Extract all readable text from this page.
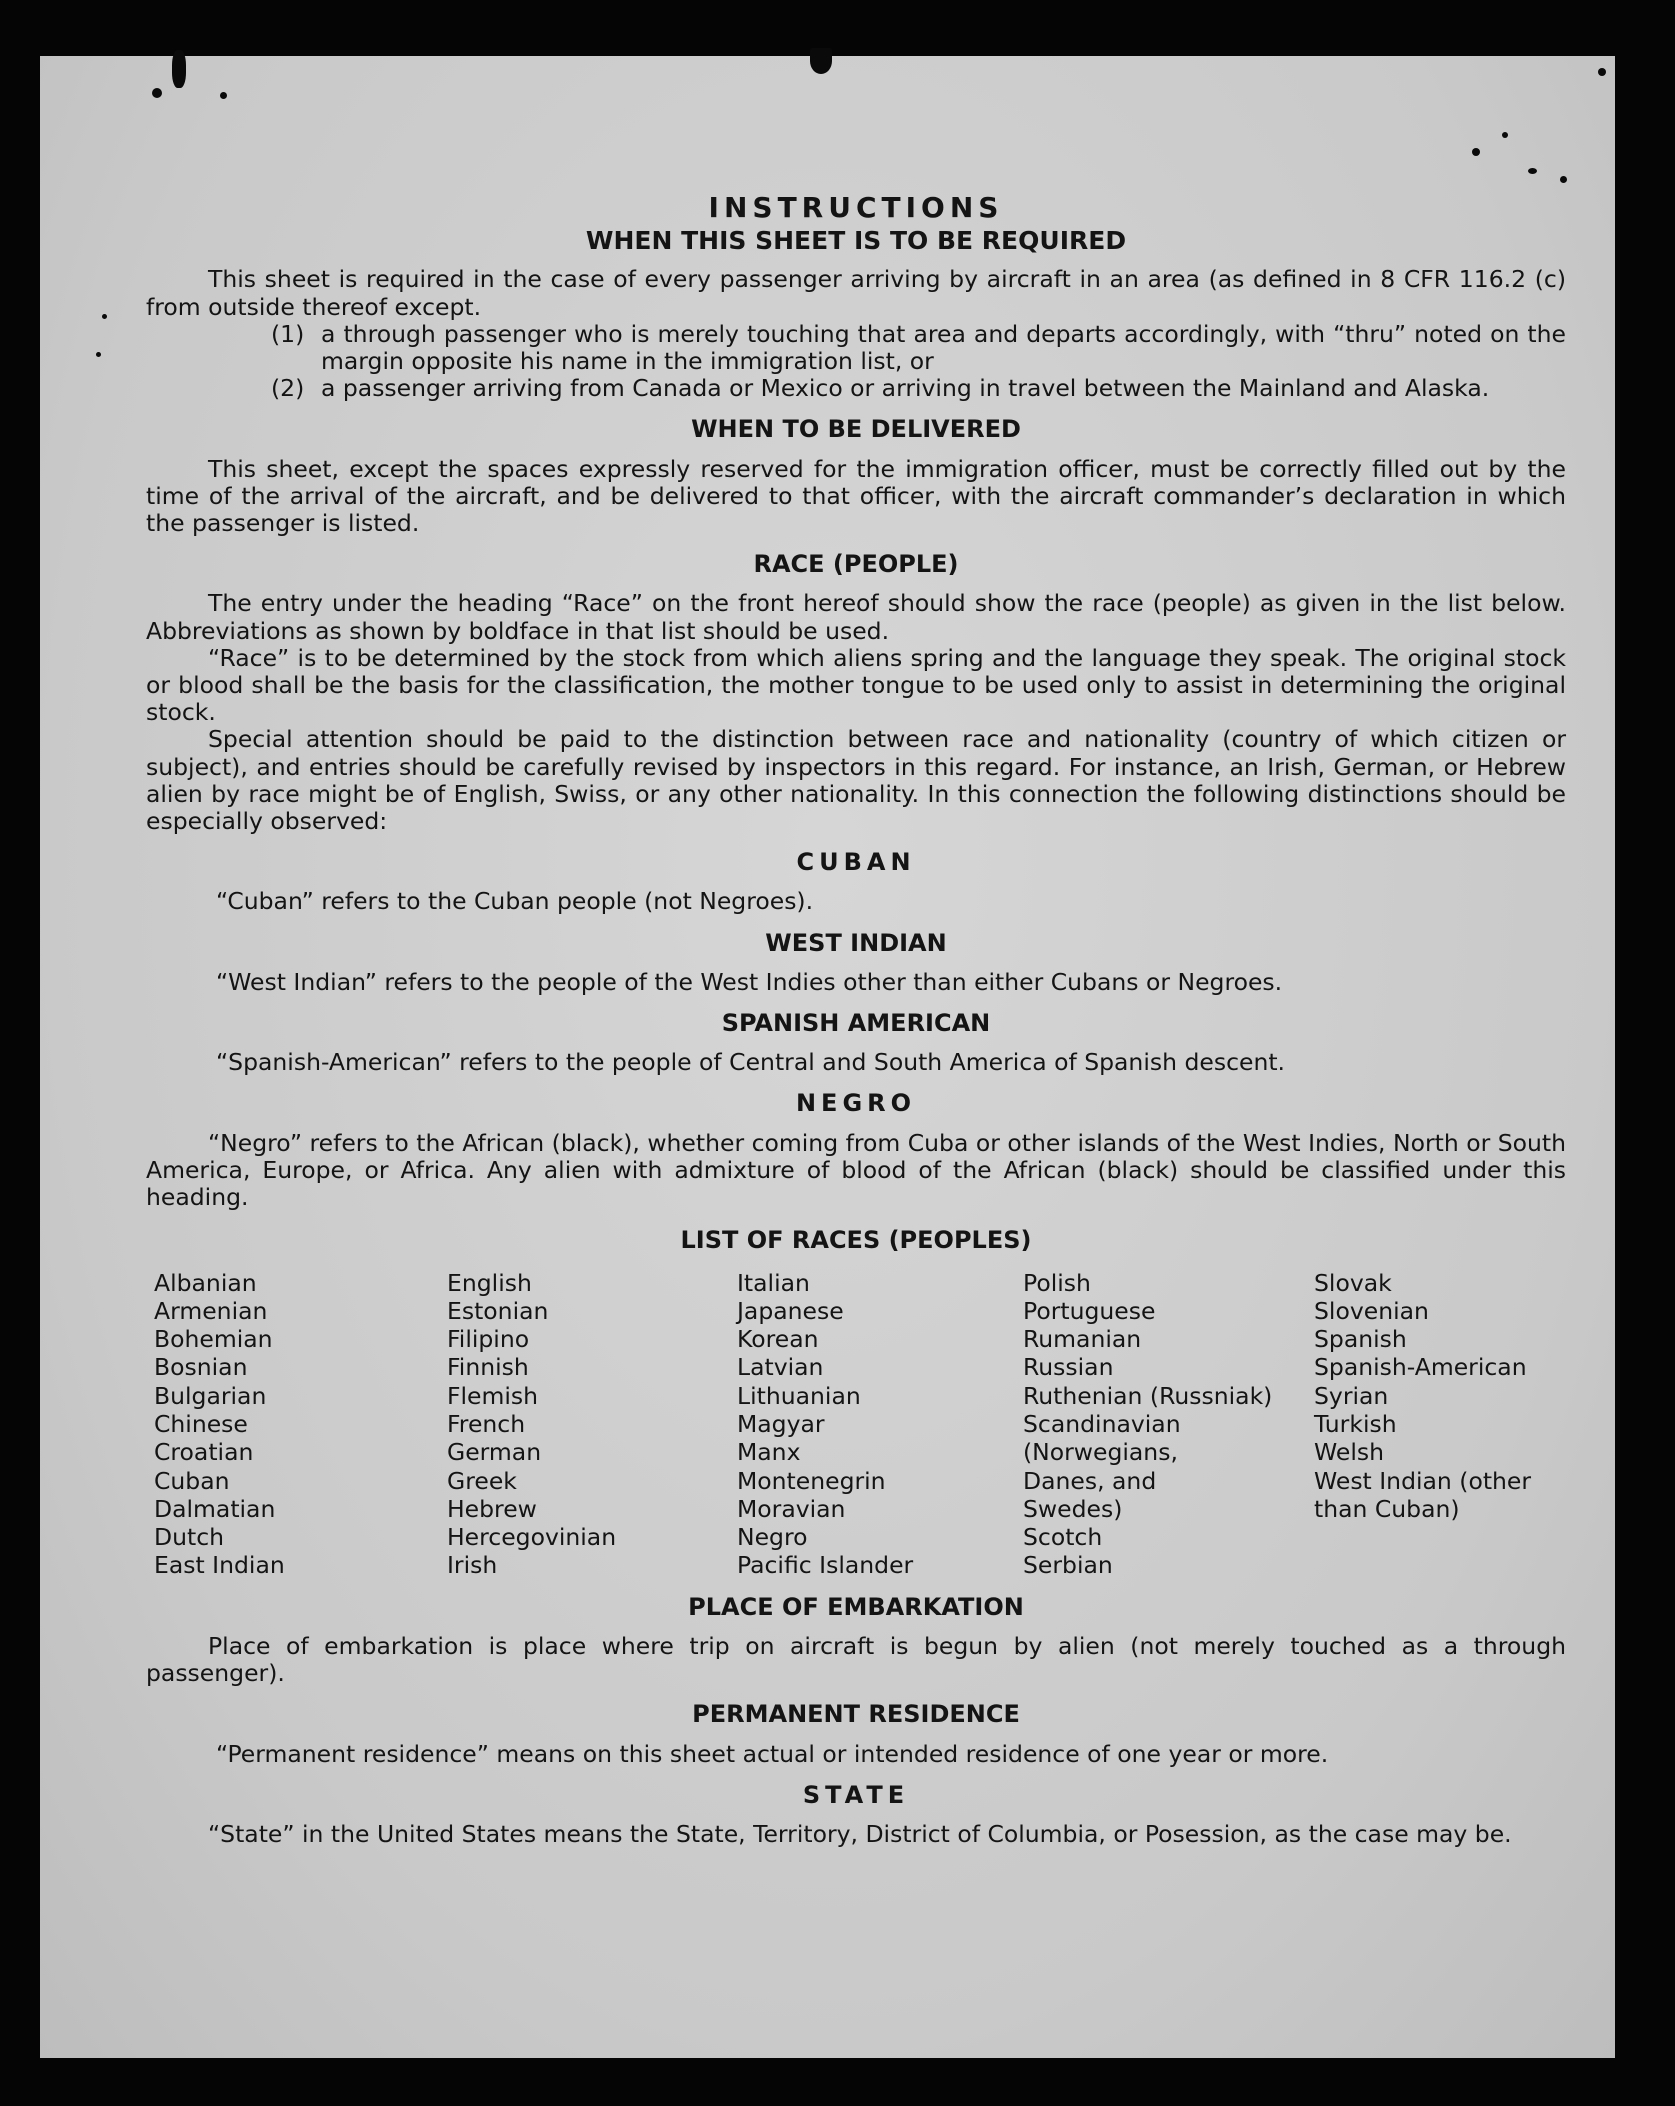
INSTRUCTIONS

WHEN THIS SHEET IS TO BE REQUIRED

This sheet is required in the case of every passenger arriving by aircraft in an area (as defined in 8 CFR 116.2 (c) from outside thereof except.

(1) a through passenger who is merely touching that area and departs accordingly, with “thru” noted on the margin opposite his name in the immigration list, or
(2) a passenger arriving from Canada or Mexico or arriving in travel between the Mainland and Alaska.

WHEN TO BE DELIVERED

This sheet, except the spaces expressly reserved for the immigration officer, must be correctly filled out by the time of the arrival of the aircraft, and be delivered to that officer, with the aircraft commander’s declaration in which the passenger is listed.

RACE (PEOPLE)

The entry under the heading “Race” on the front hereof should show the race (people) as given in the list below. Abbreviations as shown by boldface in that list should be used.

“Race” is to be determined by the stock from which aliens spring and the language they speak. The original stock or blood shall be the basis for the classification, the mother tongue to be used only to assist in determining the original stock.

Special attention should be paid to the distinction between race and nationality (country of which citizen or subject), and entries should be carefully revised by inspectors in this regard. For instance, an Irish, German, or Hebrew alien by race might be of English, Swiss, or any other nationality. In this connection the following distinctions should be especially observed:

CUBAN

“Cuban” refers to the Cuban people (not Negroes).

WEST INDIAN

“West Indian” refers to the people of the West Indies other than either Cubans or Negroes.

SPANISH AMERICAN

“Spanish-American” refers to the people of Central and South America of Spanish descent.

NEGRO

“Negro” refers to the African (black), whether coming from Cuba or other islands of the West Indies, North or South America, Europe, or Africa. Any alien with admixture of blood of the African (black) should be classified under this heading.

LIST OF RACES (PEOPLES)

Albanian
Armenian
Bohemian
Bosnian
Bulgarian
Chinese
Croatian
Cuban
Dalmatian
Dutch
East Indian
English
Estonian
Filipino
Finnish
Flemish
French
German
Greek
Hebrew
Hercegovinian
Irish
Italian
Japanese
Korean
Latvian
Lithuanian
Magyar
Manx
Montenegrin
Moravian
Negro
Pacific Islander
Polish
Portuguese
Rumanian
Russian
Ruthenian (Russniak)
Scandinavian (Norwegians, Danes, and Swedes)
Scotch
Serbian
Slovak
Slovenian
Spanish
Spanish-American
Syrian
Turkish
Welsh
West Indian (other than Cuban)

PLACE OF EMBARKATION

Place of embarkation is place where trip on aircraft is begun by alien (not merely touched as a through passenger).

PERMANENT RESIDENCE

“Permanent residence” means on this sheet actual or intended residence of one year or more.

STATE

“State” in the United States means the State, Territory, District of Columbia, or Posession, as the case may be.
